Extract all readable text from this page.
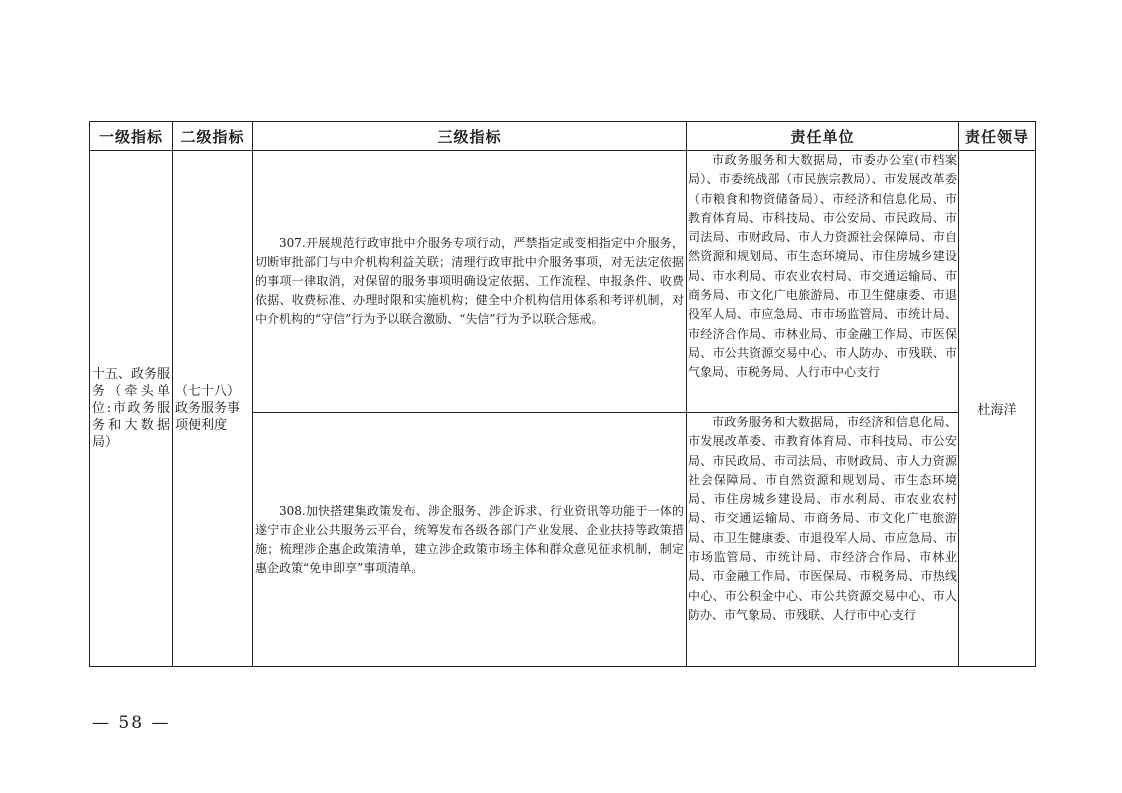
一级指标	二级指标	三级指标	责任单位	责任领导
十五、政务服务（牵头单位:市政务服务和大数据局）	（七十八）政务服务事项便利度	307.开展规范行政审批中介服务专项行动，严禁指定或变相指定中介服务，切断审批部门与中介机构利益关联；清理行政审批中介服务事项，对无法定依据的事项一律取消，对保留的服务事项明确设定依据、工作流程、申报条件、收费依据、收费标准、办理时限和实施机构；健全中介机构信用体系和考评机制，对中介机构的“守信”行为予以联合激励、“失信”行为予以联合惩戒。	市政务服务和大数据局，市委办公室(市档案局）、市委统战部（市民族宗教局）、市发展改革委（市粮食和物资储备局）、市经济和信息化局、市教育体育局、市科技局、市公安局、市民政局、市司法局、市财政局、市人力资源社会保障局、市自然资源和规划局、市生态环境局、市住房城乡建设局、市水利局、市农业农村局、市交通运输局、市商务局、市文化广电旅游局、市卫生健康委、市退役军人局、市应急局、市市场监管局、市统计局、市经济合作局、市林业局、市金融工作局、市医保局、市公共资源交易中心、市人防办、市残联、市气象局、市税务局、人行市中心支行	杜海洋

		308.加快搭建集政策发布、涉企服务、涉企诉求、行业资讯等功能于一体的遂宁市企业公共服务云平台，统筹发布各级各部门产业发展、企业扶持等政策措施；梳理涉企惠企政策清单，建立涉企政策市场主体和群众意见征求机制，制定惠企政策“免申即享”事项清单。	市政务服务和大数据局，市经济和信息化局、市发展改革委、市教育体育局、市科技局、市公安局、市民政局、市司法局、市财政局、市人力资源社会保障局、市自然资源和规划局、市生态环境局、市住房城乡建设局、市水利局、市农业农村局、市交通运输局、市商务局、市文化广电旅游局、市卫生健康委、市退役军人局、市应急局、市市场监管局、市统计局、市经济合作局、市林业局、市金融工作局、市医保局、市税务局、市热线中心、市公积金中心、市公共资源交易中心、市人防办、市气象局、市残联、人行市中心支行	

— 58 —
